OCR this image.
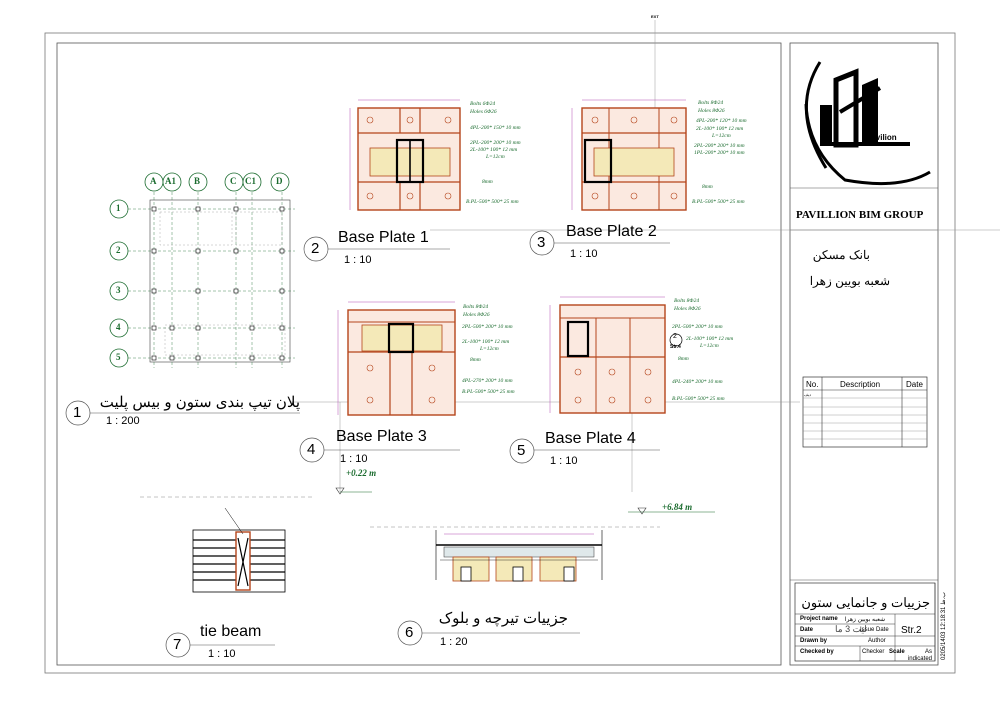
Pavilion
PAVILLION BIM GROUP
بانک مسکن
شعبه بویین زهرا
No.	Description	Date
دیف
جزییات و جانمایی ستون
Project name شعبه بویین زهرا
Date	Issue Date
ليت 3 ما	Str.2
Drawn by	Author
Checked by	Checker Scale	As indicated 0205/1403 12:18:31 ب.ظ
1
پلان تیپ بندی ستون و بیس پلیت
1 : 200
2
Base Plate 1
1 : 10
3
Base Plate 2
1 : 10
4
Base Plate 3
1 : 10	5
Base Plate 4
1 : 10
6
جزییات تیرچه و بلوک
1 : 20
7
tie beam
1 : 10
A A1 B	C C1 D
1
2
3
4
5
Bolts 6Φ24
Holes 6Φ26
4PL-200* 150* 10 mm
2PL-200* 200* 10 mm
2L-100* 100* 12 mm
L=12cm
8mm
B.PL-500* 500* 25 mm
Bolts 8Φ24
Holes 8Φ26
4PL-200* 120* 10 mm
2L-100* 100* 12 mm
L=12cm
2PL-200* 200* 10 mm
1PL-200* 200* 10 mm
8mm
B.PL-500* 500* 25 mm
Bolts 8Φ24
Holes 8Φ26
2PL-500* 200* 10 mm
2L-100* 100* 12 mm
L=12cm
8mm
4PL-270* 200* 10 mm
B.PL-500* 500* 25 mm
Bolts 8Φ24
Holes 8Φ26
2PL-500* 200* 10 mm
2L-100* 100* 12 mm
L=12cm
8mm
4PL-240* 200* 10 mm
B.PL-500* 500* 25 mm
2
Str.4
+0.22 m
+6.84 m
EXT
